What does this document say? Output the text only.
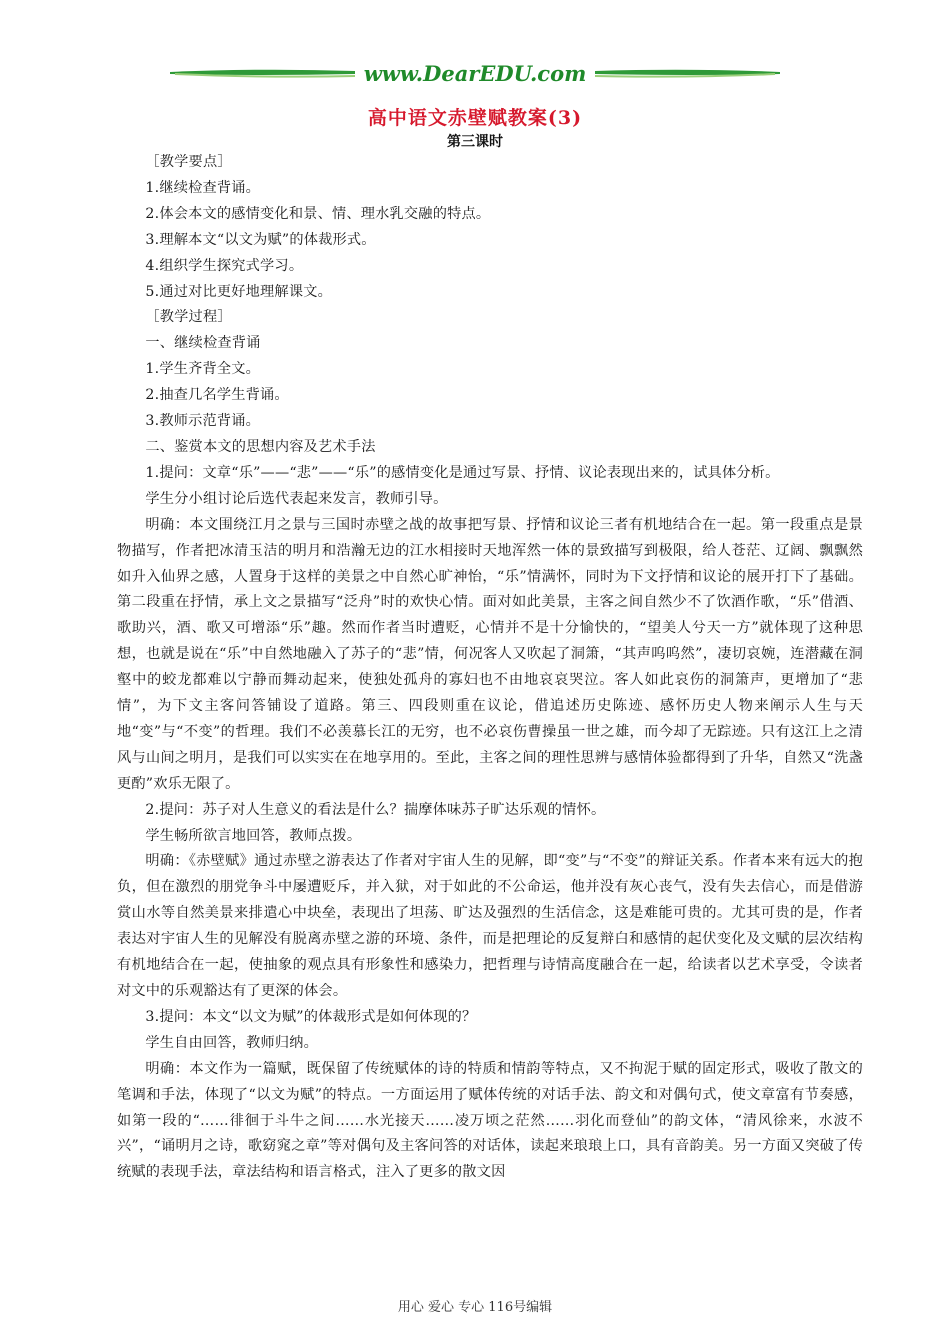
www.DearEDU.com
高中语文赤壁赋教案(3)
第三课时

［教学要点］

1.继续检查背诵。

2.体会本文的感情变化和景、情、理水乳交融的特点。

3.理解本文“以文为赋”的体裁形式。

4.组织学生探究式学习。

5.通过对比更好地理解课文。

［教学过程］

一、继续检查背诵

1.学生齐背全文。

2.抽查几名学生背诵。

3.教师示范背诵。

二、鉴赏本文的思想内容及艺术手法

1.提问：文章“乐”——“悲”——“乐”的感情变化是通过写景、抒情、议论表现出来的，试具体分析。

学生分小组讨论后选代表起来发言，教师引导。

明确：本文围绕江月之景与三国时赤壁之战的故事把写景、抒情和议论三者有机地结合在一起。第一段重点是景物描写，作者把冰清玉洁的明月和浩瀚无边的江水相接时天地浑然一体的景致描写到极限，给人苍茫、辽阔、飘飘然如升入仙界之感，人置身于这样的美景之中自然心旷神怡，“乐”情满怀，同时为下文抒情和议论的展开打下了基础。第二段重在抒情，承上文之景描写“泛舟”时的欢快心情。面对如此美景，主客之间自然少不了饮酒作歌，“乐”借酒、歌助兴，酒、歌又可增添“乐”趣。然而作者当时遭贬，心情并不是十分愉快的，“望美人兮天一方”就体现了这种思想，也就是说在“乐”中自然地融入了苏子的“悲”情，何况客人又吹起了洞箫，“其声呜呜然”，凄切哀婉，连潜藏在洞壑中的蛟龙都难以宁静而舞动起来，使独处孤舟的寡妇也不由地哀哀哭泣。客人如此哀伤的洞箫声，更增加了“悲情”，为下文主客问答铺设了道路。第三、四段则重在议论，借追述历史陈迹、感怀历史人物来阐示人生与天地“变”与“不变”的哲理。我们不必羡慕长江的无穷，也不必哀伤曹操虽一世之雄，而今却了无踪迹。只有这江上之清风与山间之明月，是我们可以实实在在地享用的。至此，主客之间的理性思辨与感情体验都得到了升华，自然又“洗盏更酌”欢乐无限了。

2.提问：苏子对人生意义的看法是什么？揣摩体味苏子旷达乐观的情怀。

学生畅所欲言地回答，教师点拨。

明确：《赤壁赋》通过赤壁之游表达了作者对宇宙人生的见解，即“变”与“不变”的辩证关系。作者本来有远大的抱负，但在激烈的朋党争斗中屡遭贬斥，并入狱，对于如此的不公命运，他并没有灰心丧气，没有失去信心，而是借游赏山水等自然美景来排遣心中块垒，表现出了坦荡、旷达及强烈的生活信念，这是难能可贵的。尤其可贵的是，作者表达对宇宙人生的见解没有脱离赤壁之游的环境、条件，而是把理论的反复辩白和感情的起伏变化及文赋的层次结构有机地结合在一起，使抽象的观点具有形象性和感染力，把哲理与诗情高度融合在一起，给读者以艺术享受，令读者对文中的乐观豁达有了更深的体会。

3.提问：本文“以文为赋”的体裁形式是如何体现的？

学生自由回答，教师归纳。

明确：本文作为一篇赋，既保留了传统赋体的诗的特质和情韵等特点，又不拘泥于赋的固定形式，吸收了散文的笔调和手法，体现了“以文为赋”的特点。一方面运用了赋体传统的对话手法、韵文和对偶句式，使文章富有节奏感，如第一段的“……徘徊于斗牛之间……水光接天……凌万顷之茫然……羽化而登仙”的韵文体，“清风徐来，水波不兴”，“诵明月之诗，歌窈窕之章”等对偶句及主客问答的对话体，读起来琅琅上口，具有音韵美。另一方面又突破了传统赋的表现手法，章法结构和语言格式，注入了更多的散文因

用心 爱心 专心 116号编辑
